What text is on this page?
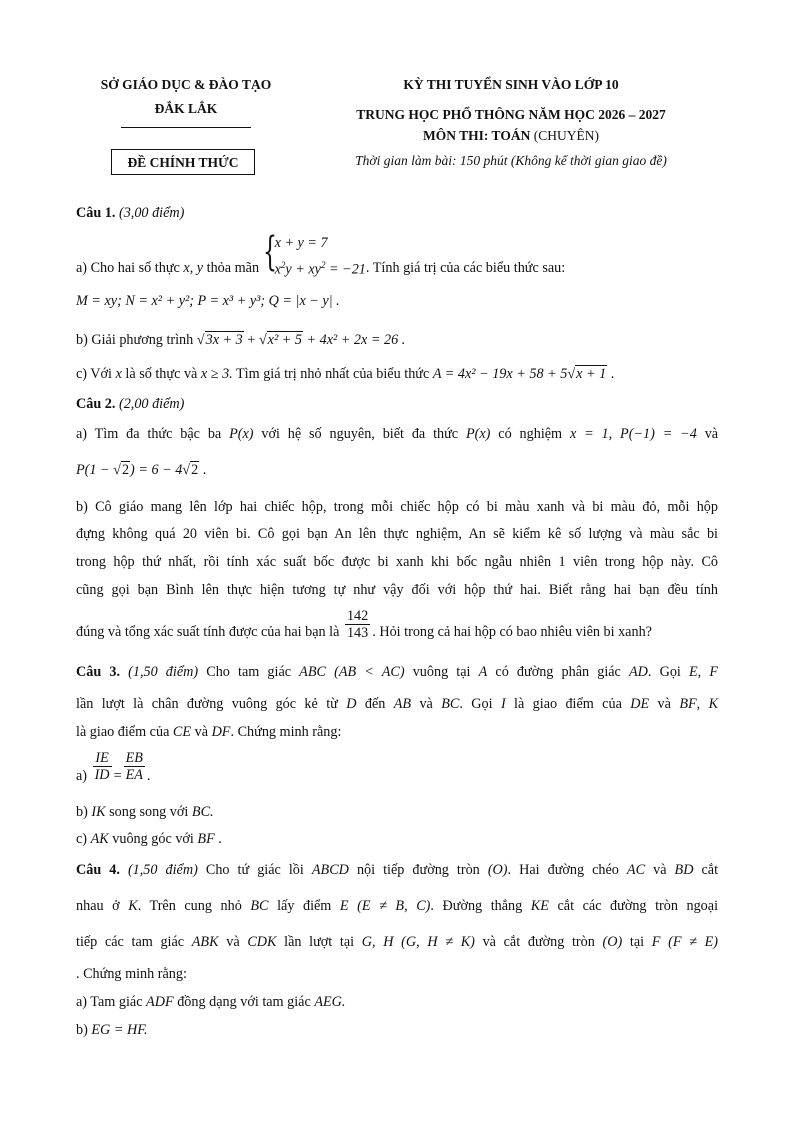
SỞ GIÁO DỤC & ĐÀO TẠO
ĐẮK LẮK
ĐỀ CHÍNH THỨC
KỲ THI TUYỂN SINH VÀO LỚP 10
TRUNG HỌC PHỔ THÔNG NĂM HỌC 2026 – 2027
MÔN THI: TOÁN (CHUYÊN)
Thời gian làm bài: 150 phút (Không kể thời gian giao đề)
Câu 1. (3,00 điểm)
a) Cho hai số thực x, y thỏa mãn {
x + y = 7
$x^2y + xy^2 = -21$ . Tính giá trị của các biểu thức sau:
M = xy; N = x² + y²; P = x³ + y³; Q = |x − y| .
b) Giải phương trình √3x + 3 + √x² + 5 + 4x² + 2x = 26 .
c) Với x là số thực và x ≥ 3. Tìm giá trị nhỏ nhất của biểu thức A = 4x² − 19x + 58 + 5√x + 1 .
Câu 2. (2,00 điểm)
a) Tìm đa thức bậc ba P(x) với hệ số nguyên, biết đa thức P(x) có nghiệm x = 1, P(−1) = −4 và
P(1 − √2) = 6 − 4√2 .
b) Cô giáo mang lên lớp hai chiếc hộp, trong mỗi chiếc hộp có bi màu xanh và bi màu đỏ, mỗi hộp
đựng không quá 20 viên bi. Cô gọi bạn An lên thực nghiệm, An sẽ kiểm kê số lượng và màu sắc bi
trong hộp thứ nhất, rồi tính xác suất bốc được bi xanh khi bốc ngẫu nhiên 1 viên trong hộp này. Cô
cũng gọi bạn Bình lên thực hiện tương tự như vậy đối với hộp thứ hai. Biết rằng hai bạn đều tính
đúng và tổng xác suất tính được của hai bạn là $\frac{142}{143}$ . Hỏi trong cả hai hộp có bao nhiêu viên bi xanh?
Câu 3. (1,50 điểm) Cho tam giác ABC (AB < AC) vuông tại A có đường phân giác AD. Gọi E, F
lần lượt là chân đường vuông góc kẻ từ D đến AB và BC. Gọi I là giao điểm của DE và BF, K
là giao điểm của CE và DF. Chứng minh rằng:
$a) \frac{IE}{ID} = \frac{EB}{EA}$ .
b) IK song song với BC.
c) AK vuông góc với BF .
Câu 4. (1,50 điểm) Cho tứ giác lồi ABCD nội tiếp đường tròn (O). Hai đường chéo AC và BD cắt
nhau ở K. Trên cung nhỏ BC lấy điểm E (E ≠ B, C). Đường thẳng KE cắt các đường tròn ngoại
tiếp các tam giác ABK và CDK lần lượt tại G, H (G, H ≠ K) và cắt đường tròn (O) tại F (F ≠ E)
. Chứng minh rằng:
a) Tam giác ADF đồng dạng với tam giác AEG.
b) EG = HF.
